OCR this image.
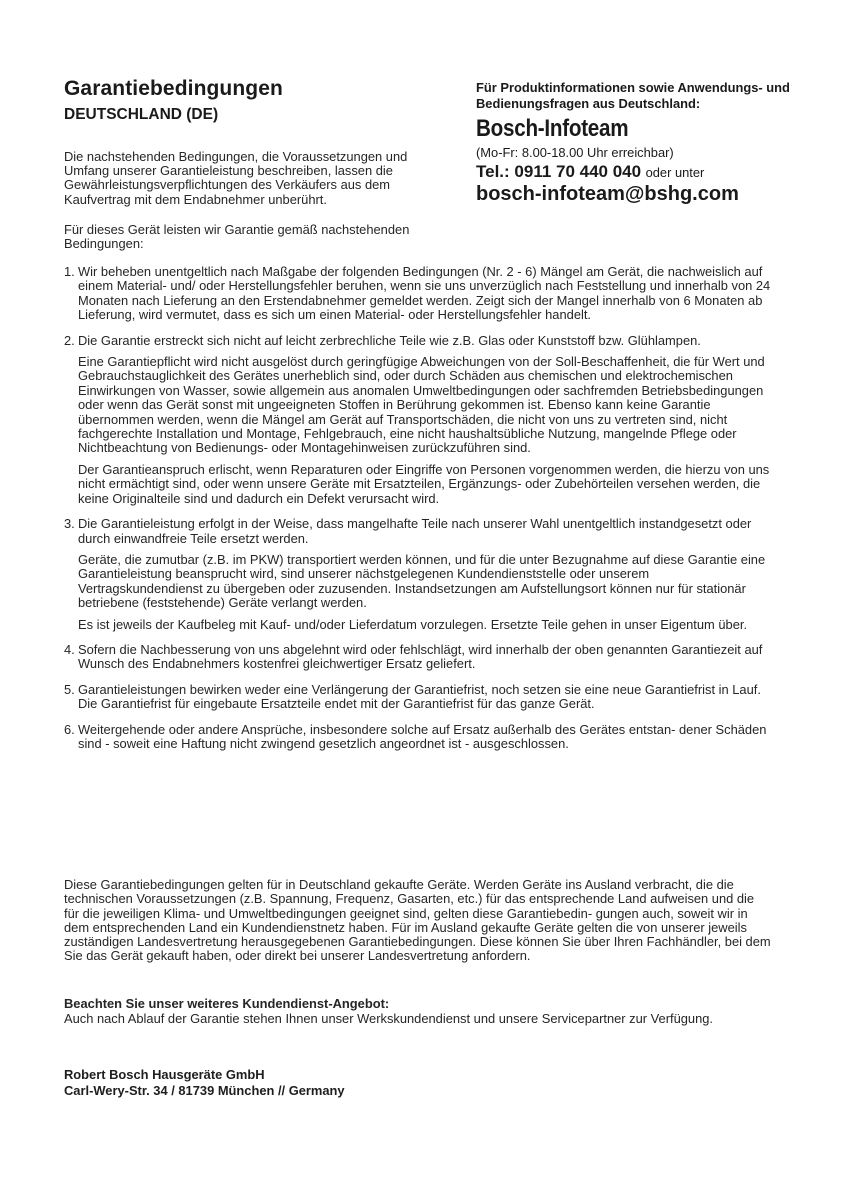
Garantiebedingungen
DEUTSCHLAND (DE)
Die nachstehenden Bedingungen, die Voraussetzungen und Umfang unserer Garantieleistung beschreiben, lassen die Gewährleistungsverpflichtungen des Verkäufers aus dem Kaufvertrag mit dem Endabnehmer unberührt.
Für dieses Gerät leisten wir Garantie gemäß nachstehenden Bedingungen:
Für Produktinformationen sowie Anwendungs- und Bedienungsfragen aus Deutschland:
Bosch-Infoteam
(Mo-Fr: 8.00-18.00 Uhr erreichbar)
Tel.: 0911 70 440 040 oder unter
bosch-infoteam@bshg.com
1. Wir beheben unentgeltlich nach Maßgabe der folgenden Bedingungen (Nr. 2 - 6) Mängel am Gerät, die nachweislich auf einem Material- und/ oder Herstellungsfehler beruhen, wenn sie uns unverzüglich nach Feststellung und innerhalb von 24 Monaten nach Lieferung an den Erstendabnehmer gemeldet werden. Zeigt sich der Mangel innerhalb von 6 Monaten ab Lieferung, wird vermutet, dass es sich um einen Material- oder Herstellungsfehler handelt.

2. Die Garantie erstreckt sich nicht auf leicht zerbrechliche Teile wie z.B. Glas oder Kunststoff bzw. Glühlampen.

Eine Garantiepflicht wird nicht ausgelöst durch geringfügige Abweichungen von der Soll-Beschaffenheit, die für Wert und Gebrauchstauglichkeit des Gerätes unerheblich sind, oder durch Schäden aus chemischen und elektrochemischen Einwirkungen von Wasser, sowie allgemein aus anomalen Umweltbedingungen oder sachfremden Betriebsbedingungen oder wenn das Gerät sonst mit ungeeigneten Stoffen in Berührung gekommen ist. Ebenso kann keine Garantie übernommen werden, wenn die Mängel am Gerät auf Transportschäden, die nicht von uns zu vertreten sind, nicht fachgerechte Installation und Montage, Fehlgebrauch, eine nicht haushaltsübliche Nutzung, mangelnde Pflege oder Nichtbeachtung von Bedienungs- oder Montagehinweisen zurückzuführen sind.

Der Garantieanspruch erlischt, wenn Reparaturen oder Eingriffe von Personen vorgenommen werden, die hierzu von uns nicht ermächtigt sind, oder wenn unsere Geräte mit Ersatzteilen, Ergänzungs- oder Zubehörteilen versehen werden, die keine Originalteile sind und dadurch ein Defekt verursacht wird.

3. Die Garantieleistung erfolgt in der Weise, dass mangelhafte Teile nach unserer Wahl unentgeltlich instandgesetzt oder durch einwandfreie Teile ersetzt werden.

Geräte, die zumutbar (z.B. im PKW) transportiert werden können, und für die unter Bezugnahme auf diese Garantie eine Garantieleistung beansprucht wird, sind unserer nächstgelegenen Kundendienststelle oder unserem Vertragskundendienst zu übergeben oder zuzusenden. Instandsetzungen am Aufstellungsort können nur für stationär betriebene (feststehende) Geräte verlangt werden.

Es ist jeweils der Kaufbeleg mit Kauf- und/oder Lieferdatum vorzulegen. Ersetzte Teile gehen in unser Eigentum über.

4. Sofern die Nachbesserung von uns abgelehnt wird oder fehlschlägt, wird innerhalb der oben genannten Garantiezeit auf Wunsch des Endabnehmers kostenfrei gleichwertiger Ersatz geliefert.

5. Garantieleistungen bewirken weder eine Verlängerung der Garantiefrist, noch setzen sie eine neue Garantiefrist in Lauf. Die Garantiefrist für eingebaute Ersatzteile endet mit der Garantiefrist für das ganze Gerät.

6. Weitergehende oder andere Ansprüche, insbesondere solche auf Ersatz außerhalb des Gerätes entstan- dener Schäden sind - soweit eine Haftung nicht zwingend gesetzlich angeordnet ist - ausgeschlossen.

Diese Garantiebedingungen gelten für in Deutschland gekaufte Geräte. Werden Geräte ins Ausland verbracht, die die technischen Voraussetzungen (z.B. Spannung, Frequenz, Gasarten, etc.) für das entsprechende Land aufweisen und die für die jeweiligen Klima- und Umweltbedingungen geeignet sind, gelten diese Garantiebedin- gungen auch, soweit wir in dem entsprechenden Land ein Kundendienstnetz haben. Für im Ausland gekaufte Geräte gelten die von unserer jeweils zuständigen Landesvertretung herausgegebenen Garantiebedingungen. Diese können Sie über Ihren Fachhändler, bei dem Sie das Gerät gekauft haben, oder direkt bei unserer Landesvertretung anfordern.
Beachten Sie unser weiteres Kundendienst-Angebot:
Auch nach Ablauf der Garantie stehen Ihnen unser Werkskundendienst und unsere Servicepartner zur Verfügung.
Robert Bosch Hausgeräte GmbH
Carl-Wery-Str. 34 / 81739 München // Germany
